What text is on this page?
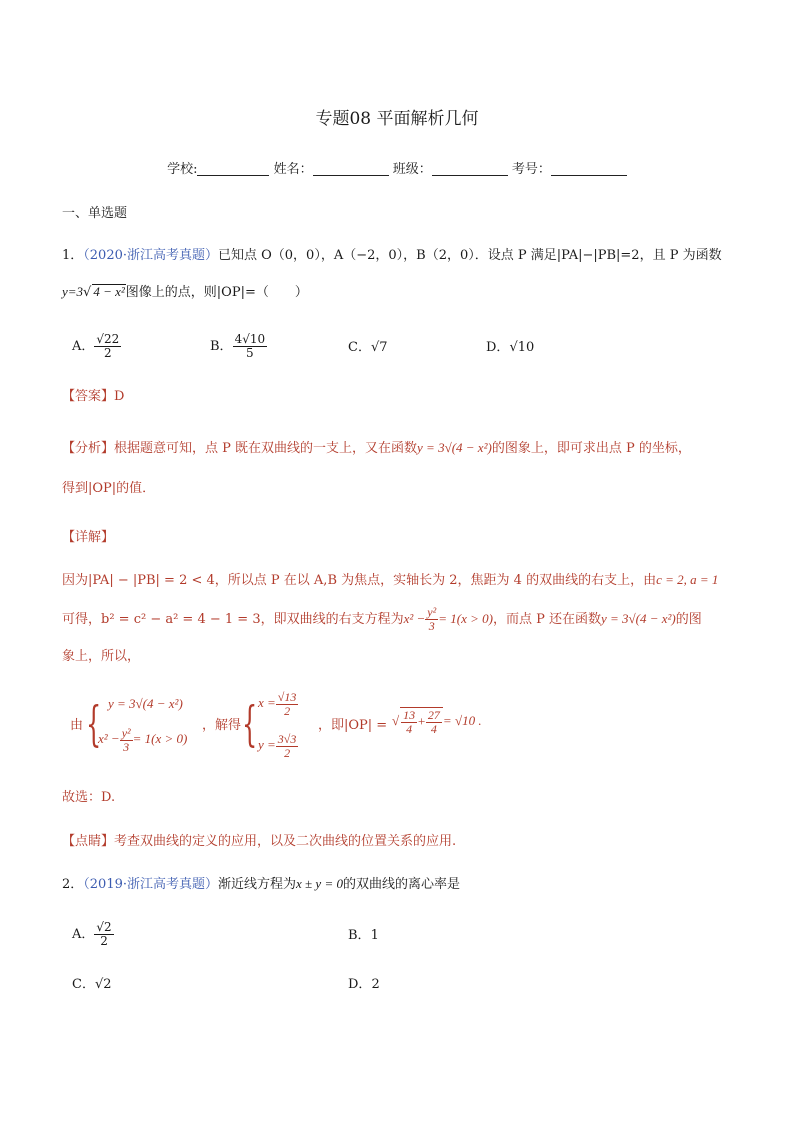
专题08 平面解析几何
学校:	姓名：	班级：	考号：
一、单选题
1．（2020·浙江高考真题）已知点 O（0，0），A（−2，0），B（2，0）．设点 P 满足|PA|−|PB|=2，且 P 为函数
y=3√ 4 − x²图像上的点，则|OP|=（　　）
A． $\frac{√22}{2}$	B． $\frac{4√10}{5}$	C．√7	D．√10
【答案】D
【分析】根据题意可知，点 P 既在双曲线的一支上，又在函数y = 3√(4 − x²)的图象上，即可求出点 P 的坐标，
得到|OP|的值．
【详解】
因为|PA| − |PB| = 2 < 4，所以点 P 在以 A,B 为焦点，实轴长为 2，焦距为 4 的双曲线的右支上，由c = 2, a = 1
可得，b² = c² − a² = 4 − 1 = 3，即双曲线的右支方程为$x^2 - \frac{\text{y²}}{3} = 1(x > 0)$，而点 P 还在函数y = 3√(4 − x²)的图
象上，所以，
由 { y = 3√(4 − x²)
$x^2 - \frac{\text{y²}}{3} = 1(x > 0)$
，解得 { $x = \frac{√13}{2}$
$y = \frac{3√3}{2}$
，即|OP| = √ $\frac{13}{4} + \frac{27}{4} = √10$ .
故选：D.
【点睛】考查双曲线的定义的应用，以及二次曲线的位置关系的应用.
2．（2019·浙江高考真题）渐近线方程为x ± y = 0的双曲线的离心率是
A． $\frac{√2}{2}$	B．1
C．√2	D．2
